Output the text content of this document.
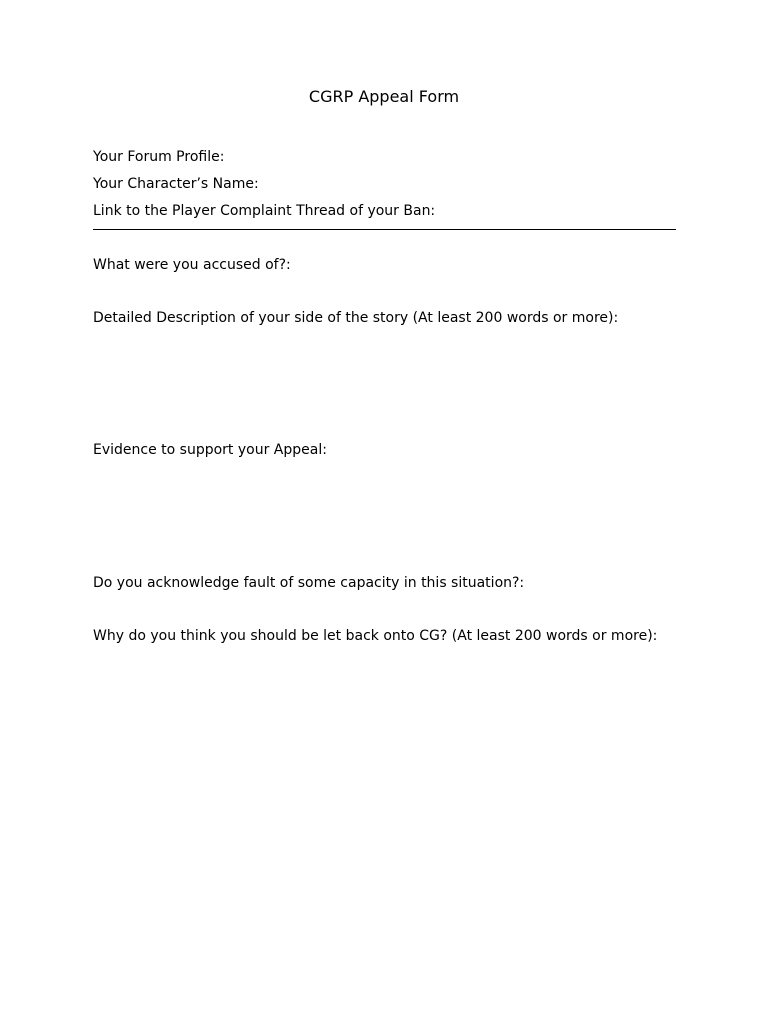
CGRP Appeal Form
Your Forum Profile:
Your Character’s Name:
Link to the Player Complaint Thread of your Ban:
What were you accused of?:
Detailed Description of your side of the story (At least 200 words or more):
Evidence to support your Appeal:
Do you acknowledge fault of some capacity in this situation?:
Why do you think you should be let back onto CG? (At least 200 words or more):
